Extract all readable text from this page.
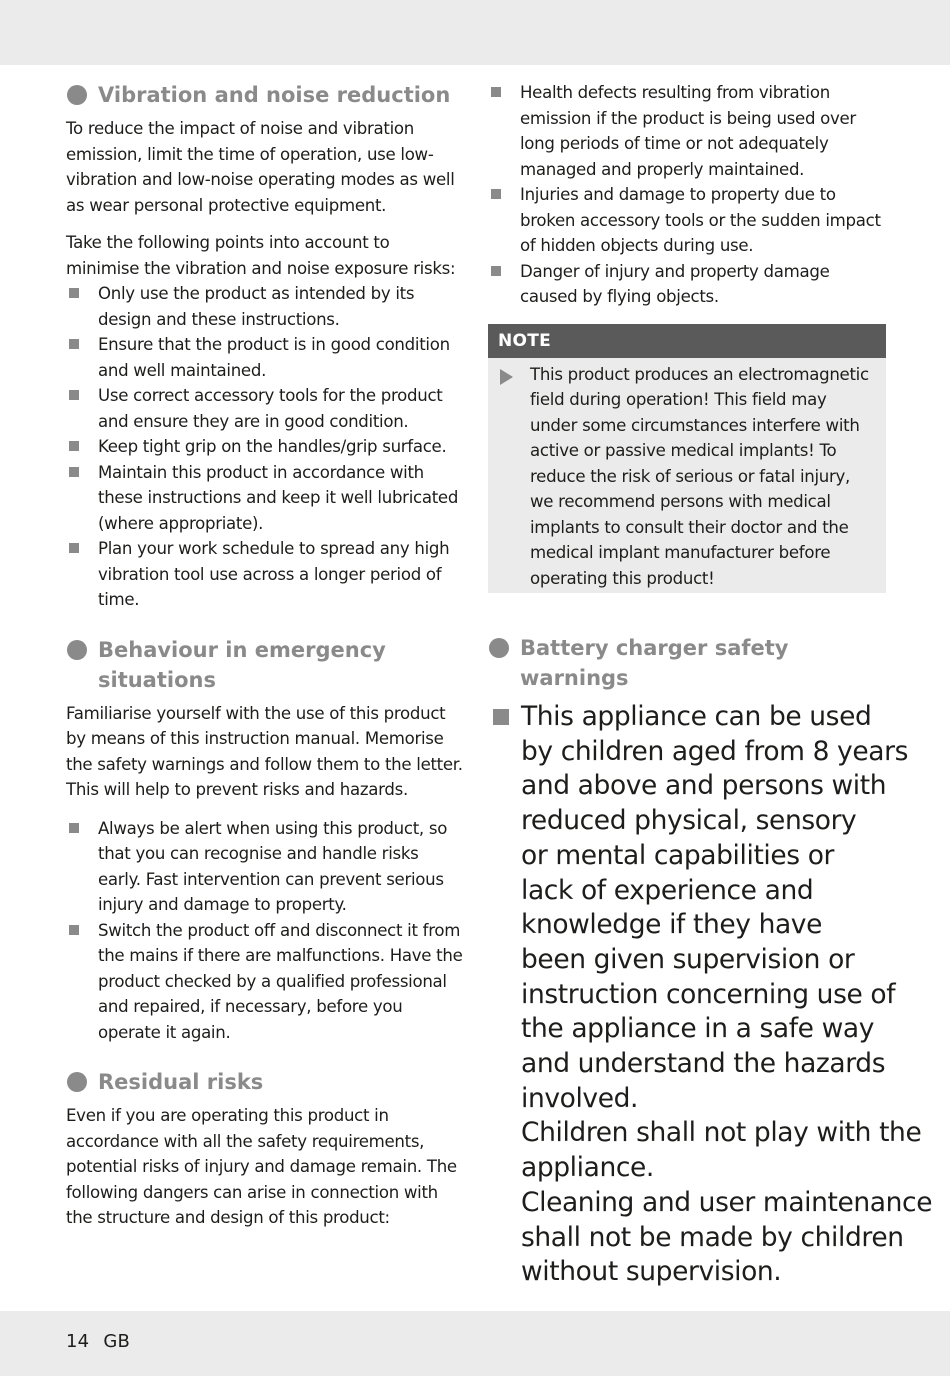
Vibration and noise reduction

To reduce the impact of noise and vibration emission, limit the time of operation, use low-vibration and low-noise operating modes as well as wear personal protective equipment.

Take the following points into account to minimise the vibration and noise exposure risks:

Only use the product as intended by its design and these instructions.
Ensure that the product is in good condition and well maintained.
Use correct accessory tools for the product and ensure they are in good condition.
Keep tight grip on the handles/grip surface.
Maintain this product in accordance with these instructions and keep it well lubricated (where appropriate).
Plan your work schedule to spread any high vibration tool use across a longer period of time.
Behaviour in emergency
situations

Familiarise yourself with the use of this product by means of this instruction manual. Memorise the safety warnings and follow them to the letter. This will help to prevent risks and hazards.

Always be alert when using this product, so that you can recognise and handle risks early. Fast intervention can prevent serious injury and damage to property.
Switch the product off and disconnect it from the mains if there are malfunctions. Have the product checked by a qualified professional and repaired, if necessary, before you operate it again.
Residual risks

Even if you are operating this product in accordance with all the safety requirements, potential risks of injury and damage remain. The following dangers can arise in connection with the structure and design of this product:

Health defects resulting from vibration emission if the product is being used over long periods of time or not adequately managed and properly maintained.
Injuries and damage to property due to broken accessory tools or the sudden impact of hidden objects during use.
Danger of injury and property damage caused by flying objects.
NOTE
This product produces an electromagnetic field during operation! This field may under some circumstances interfere with active or passive medical implants! To reduce the risk of serious or fatal injury, we recommend persons with medical implants to consult their doctor and the medical implant manufacturer before operating this product!
Battery charger safety
warnings
This appliance can be used
by children aged from 8 years
and above and persons with
reduced physical, sensory
or mental capabilities or
lack of experience and
knowledge if they have
been given supervision or
instruction concerning use of
the appliance in a safe way
and understand the hazards
involved.
Children shall not play with the
appliance.
Cleaning and user maintenance
shall not be made by children
without supervision.
14 GB
